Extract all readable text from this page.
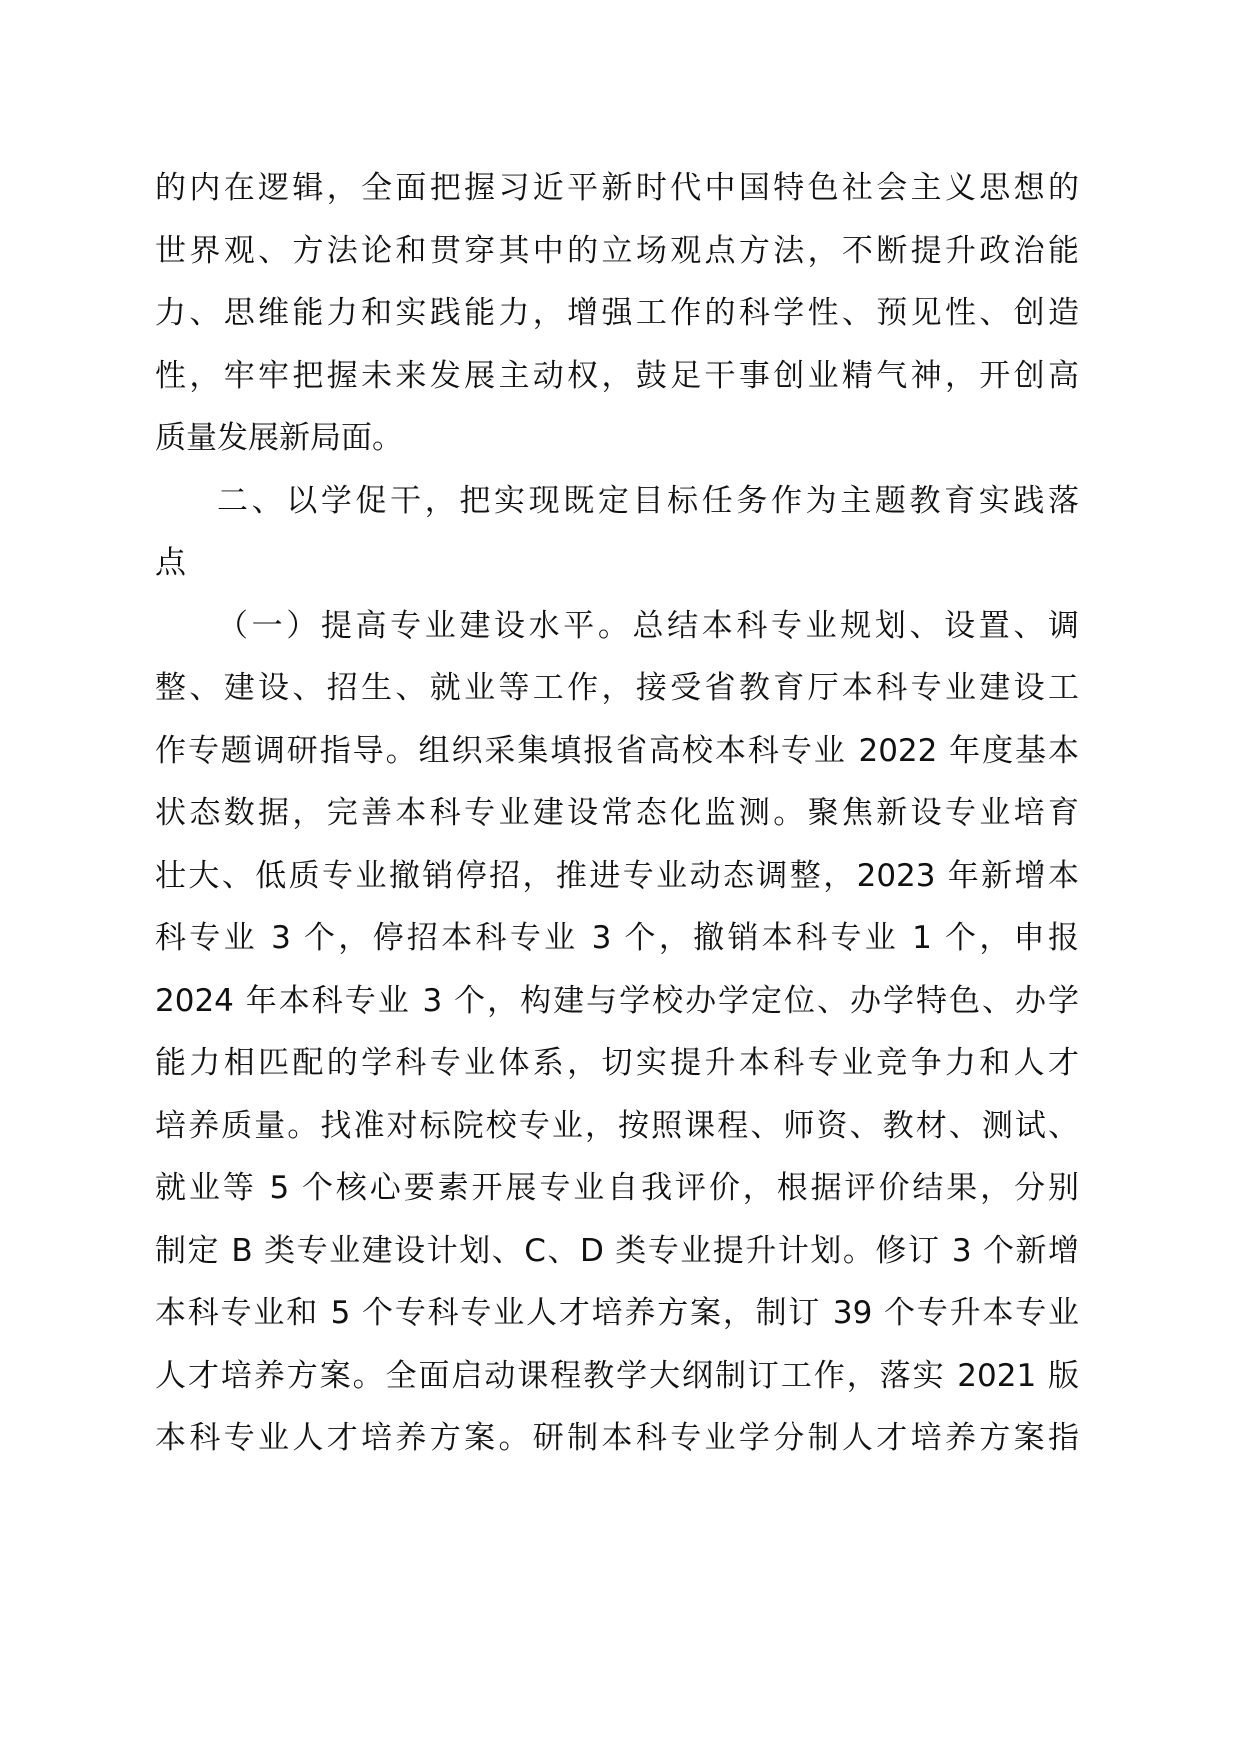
的内在逻辑，全面把握习近平新时代中国特色社会主义思想的
世界观、方法论和贯穿其中的立场观点方法，不断提升政治能
力、思维能力和实践能力，增强工作的科学性、预见性、创造
性，牢牢把握未来发展主动权，鼓足干事创业精气神，开创高
质量发展新局面。
二、以学促干，把实现既定目标任务作为主题教育实践落
点
（一）提高专业建设水平。总结本科专业规划、设置、调
整、建设、招生、就业等工作，接受省教育厅本科专业建设工
作专题调研指导。组织采集填报省高校本科专业 2022 年度基本
状态数据，完善本科专业建设常态化监测。聚焦新设专业培育
壮大、低质专业撤销停招，推进专业动态调整，2023 年新增本
科专业 3 个，停招本科专业 3 个，撤销本科专业 1 个，申报
2024 年本科专业 3 个，构建与学校办学定位、办学特色、办学
能力相匹配的学科专业体系，切实提升本科专业竞争力和人才
培养质量。找准对标院校专业，按照课程、师资、教材、测试、
就业等 5 个核心要素开展专业自我评价，根据评价结果，分别
制定 B 类专业建设计划、C、D 类专业提升计划。修订 3 个新增
本科专业和 5 个专科专业人才培养方案，制订 39 个专升本专业
人才培养方案。全面启动课程教学大纲制订工作，落实 2021 版
本科专业人才培养方案。研制本科专业学分制人才培养方案指
